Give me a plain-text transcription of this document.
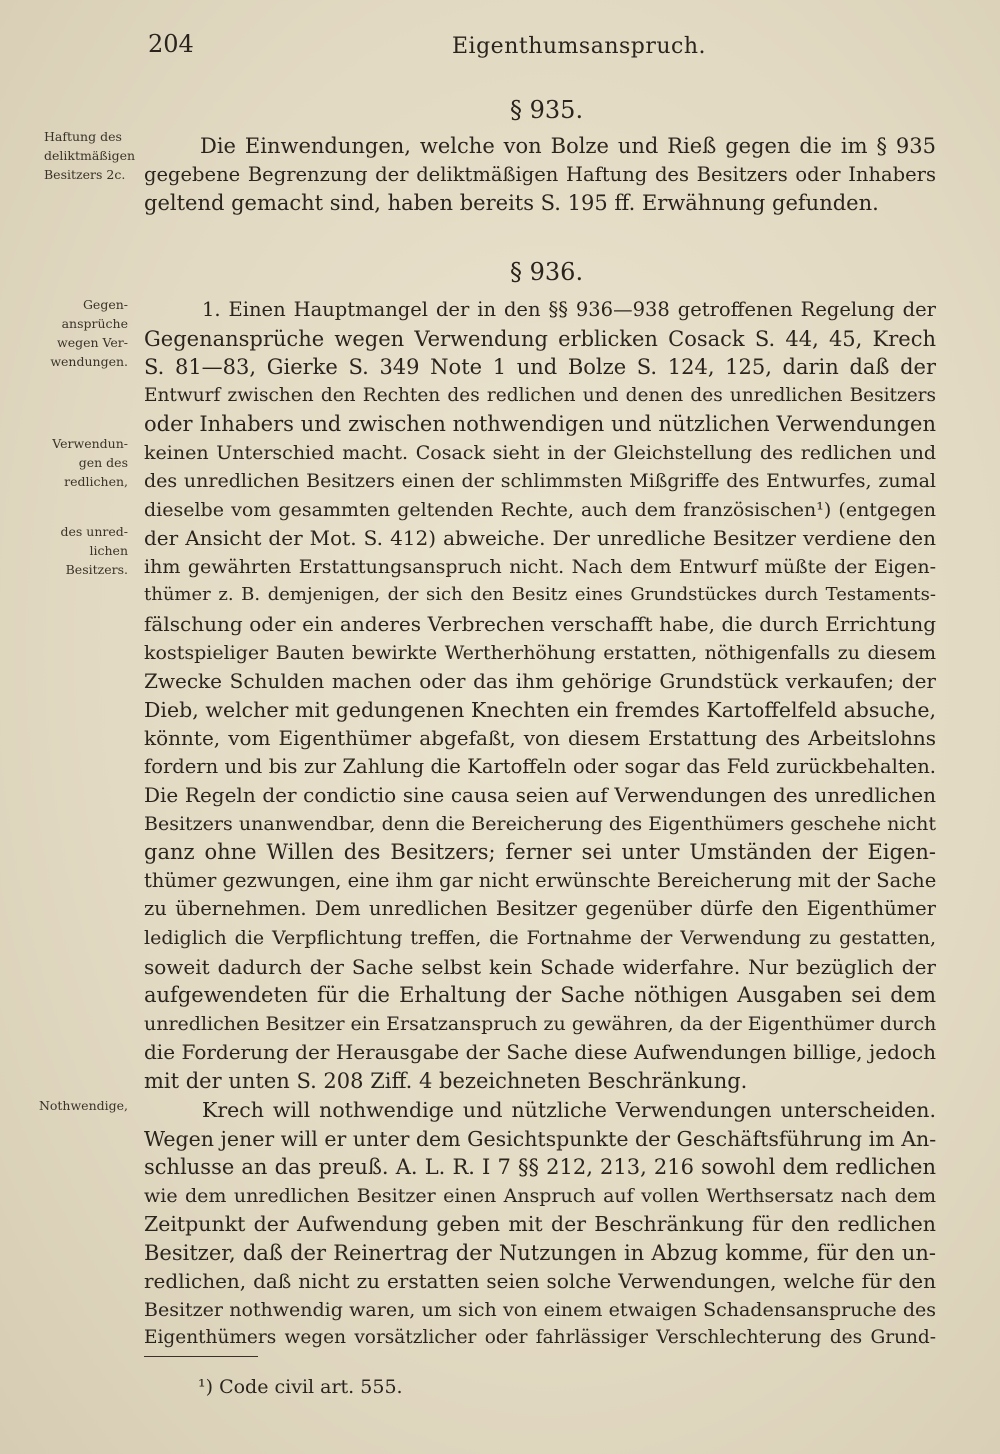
204	Eigenthumsanspruch.
§ 935.
Haftung des deliktmäßigen Besitzers 2c.
Die Einwendungen, welche von Bolze und Rieß gegen die im § 935
gegebene Begrenzung der deliktmäßigen Haftung des Besitzers oder Inhabers
geltend gemacht sind, haben bereits S. 195 ff. Erwähnung gefunden.
§ 936.
Gegen- ansprüche wegen Ver- wendungen.
Verwendun- gen des redlichen,
des unred- lichen Besitzers.
Nothwendige,
1. Einen Hauptmangel der in den §§ 936—938 getroffenen Regelung der
Gegenansprüche wegen Verwendung erblicken Cosack S. 44, 45, Krech
S. 81—83, Gierke S. 349 Note 1 und Bolze S. 124, 125, darin daß der
Entwurf zwischen den Rechten des redlichen und denen des unredlichen Besitzers
oder Inhabers und zwischen nothwendigen und nützlichen Verwendungen
keinen Unterschied macht. Cosack sieht in der Gleichstellung des redlichen und
des unredlichen Besitzers einen der schlimmsten Mißgriffe des Entwurfes, zumal
dieselbe vom gesammten geltenden Rechte, auch dem französischen¹) (entgegen
der Ansicht der Mot. S. 412) abweiche. Der unredliche Besitzer verdiene den
ihm gewährten Erstattungsanspruch nicht. Nach dem Entwurf müßte der Eigen-
thümer z. B. demjenigen, der sich den Besitz eines Grundstückes durch Testaments-
fälschung oder ein anderes Verbrechen verschafft habe, die durch Errichtung
kostspieliger Bauten bewirkte Wertherhöhung erstatten, nöthigenfalls zu diesem
Zwecke Schulden machen oder das ihm gehörige Grundstück verkaufen; der
Dieb, welcher mit gedungenen Knechten ein fremdes Kartoffelfeld absuche,
könnte, vom Eigenthümer abgefaßt, von diesem Erstattung des Arbeitslohns
fordern und bis zur Zahlung die Kartoffeln oder sogar das Feld zurückbehalten.
Die Regeln der condictio sine causa seien auf Verwendungen des unredlichen
Besitzers unanwendbar, denn die Bereicherung des Eigenthümers geschehe nicht
ganz ohne Willen des Besitzers; ferner sei unter Umständen der Eigen-
thümer gezwungen, eine ihm gar nicht erwünschte Bereicherung mit der Sache
zu übernehmen. Dem unredlichen Besitzer gegenüber dürfe den Eigenthümer
lediglich die Verpflichtung treffen, die Fortnahme der Verwendung zu gestatten,
soweit dadurch der Sache selbst kein Schade widerfahre. Nur bezüglich der
aufgewendeten für die Erhaltung der Sache nöthigen Ausgaben sei dem
unredlichen Besitzer ein Ersatzanspruch zu gewähren, da der Eigenthümer durch
die Forderung der Herausgabe der Sache diese Aufwendungen billige, jedoch
mit der unten S. 208 Ziff. 4 bezeichneten Beschränkung.
Krech will nothwendige und nützliche Verwendungen unterscheiden.
Wegen jener will er unter dem Gesichtspunkte der Geschäftsführung im An-
schlusse an das preuß. A. L. R. I 7 §§ 212, 213, 216 sowohl dem redlichen
wie dem unredlichen Besitzer einen Anspruch auf vollen Werthsersatz nach dem
Zeitpunkt der Aufwendung geben mit der Beschränkung für den redlichen
Besitzer, daß der Reinertrag der Nutzungen in Abzug komme, für den un-
redlichen, daß nicht zu erstatten seien solche Verwendungen, welche für den
Besitzer nothwendig waren, um sich von einem etwaigen Schadensanspruche des
Eigenthümers wegen vorsätzlicher oder fahrlässiger Verschlechterung des Grund-
¹) Code civil art. 555.
